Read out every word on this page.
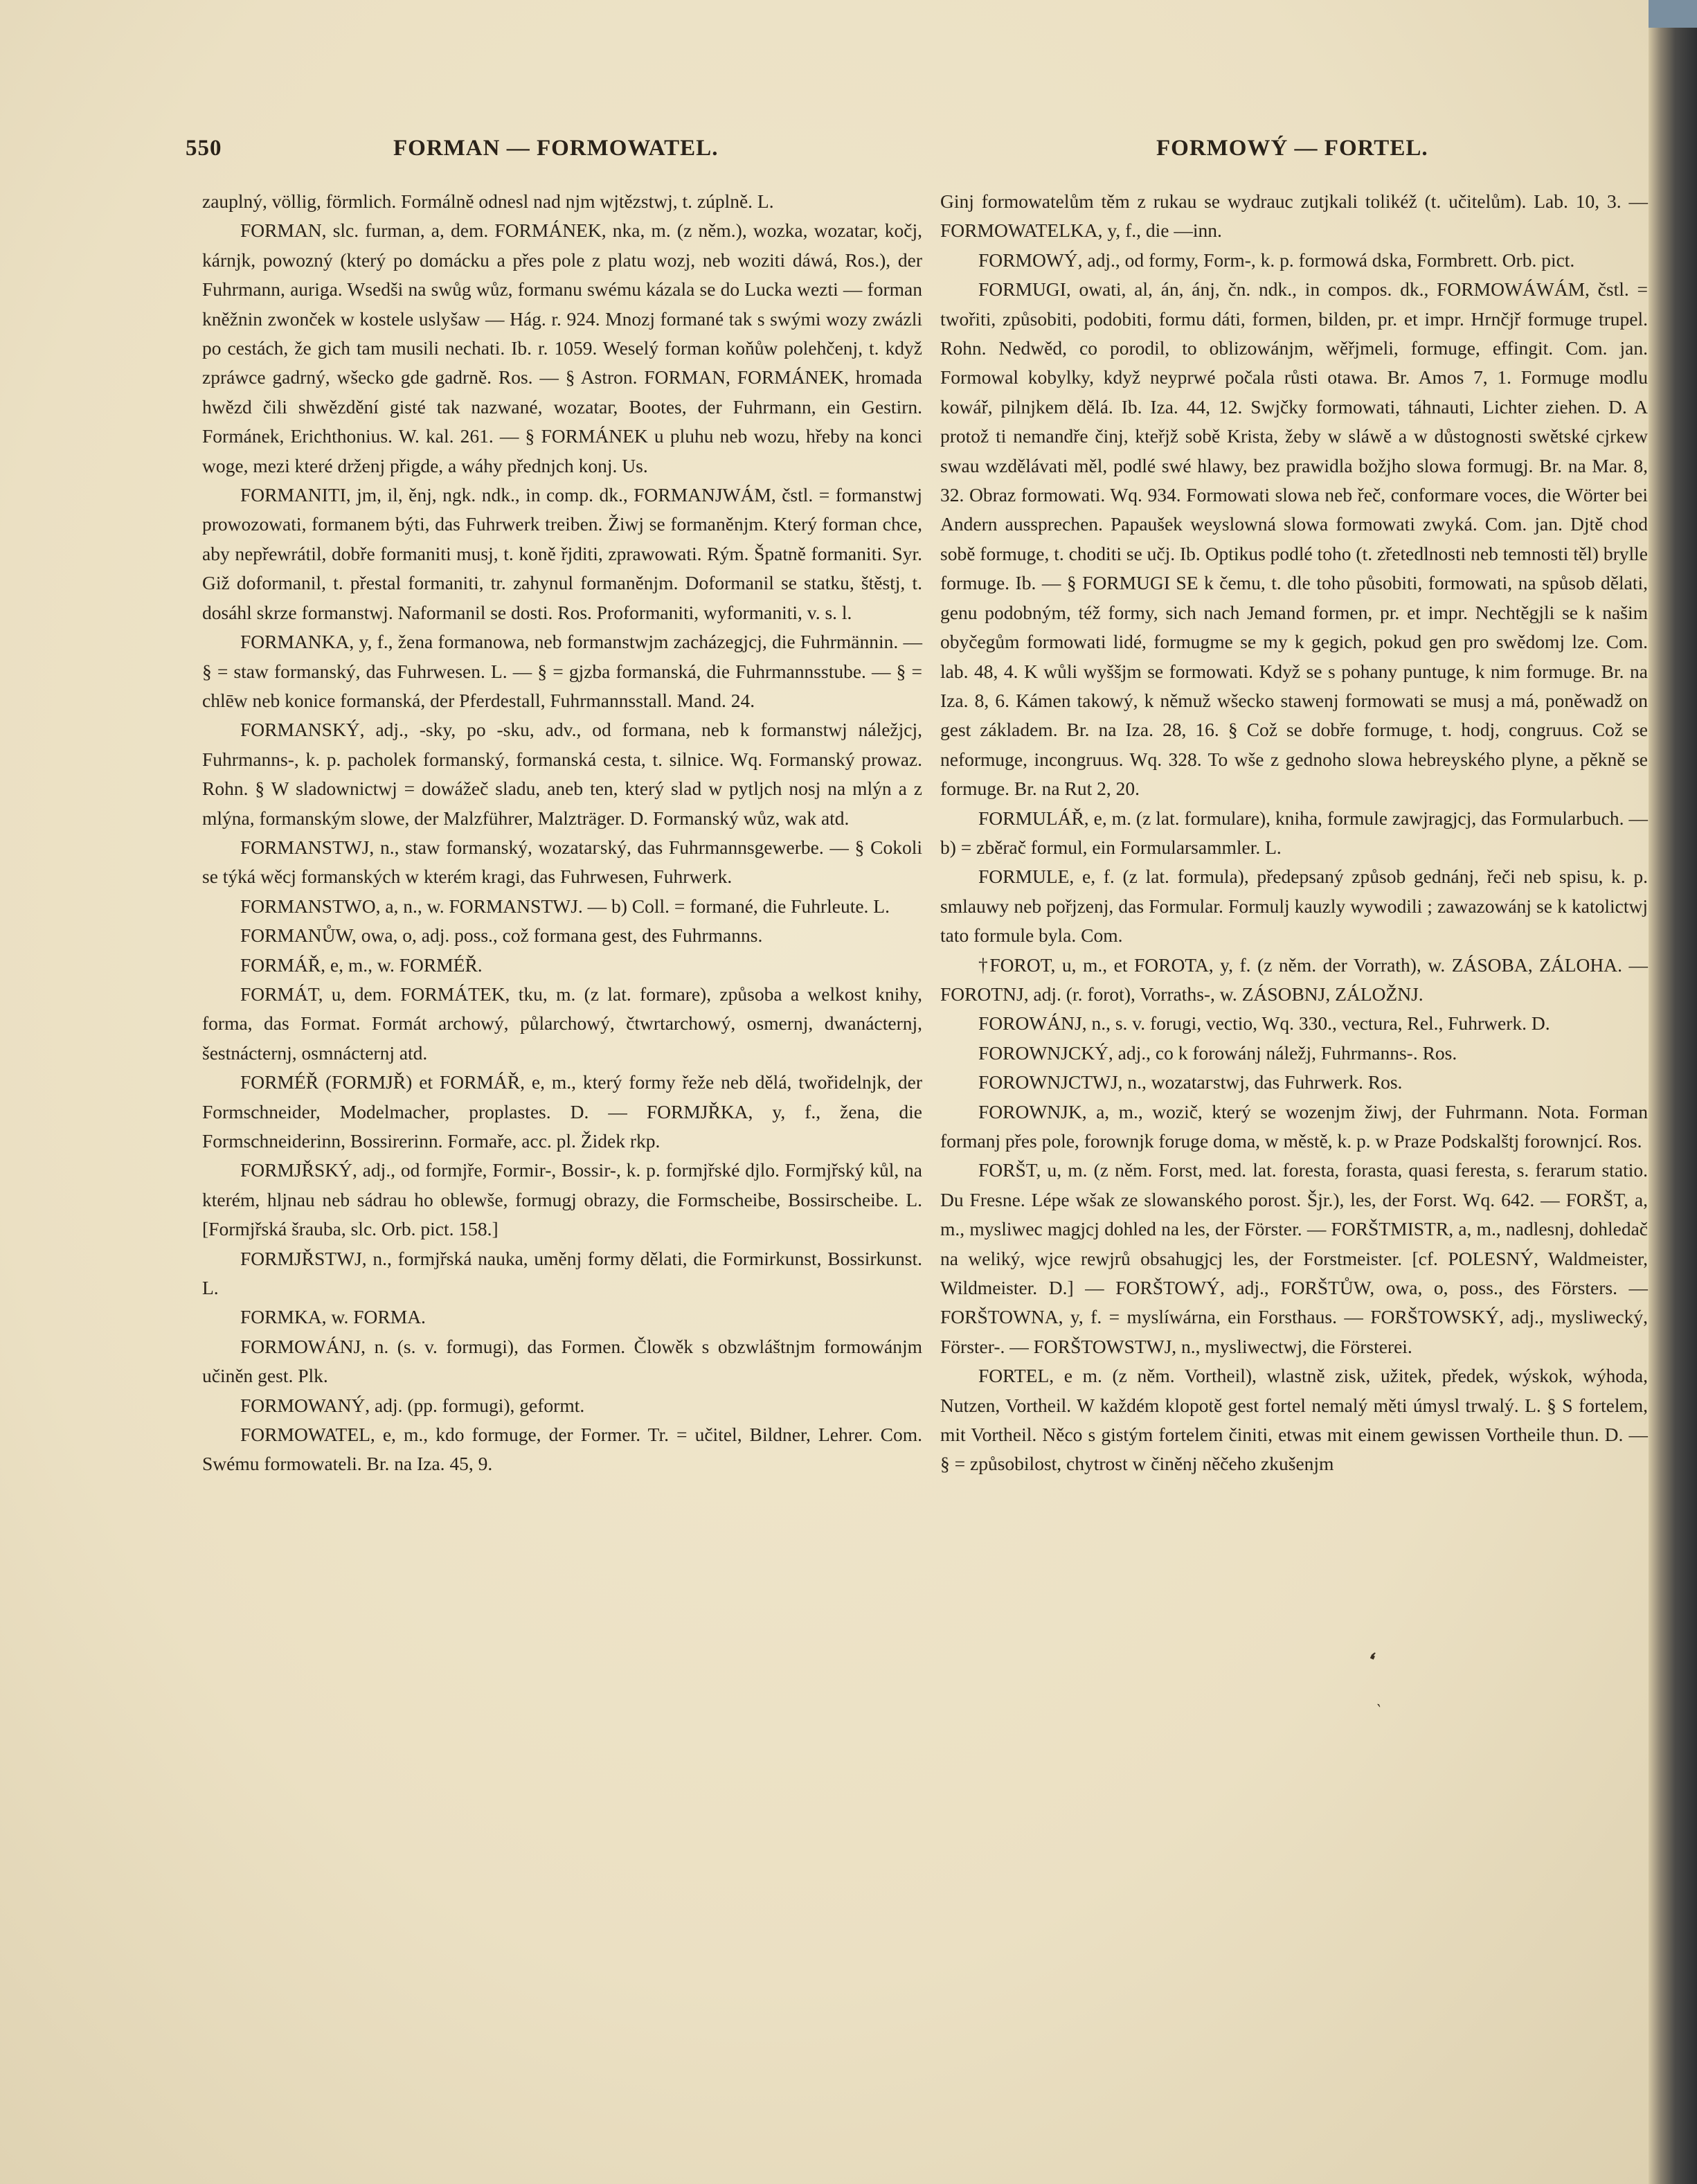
550	FORMAN — FORMOWATEL.	FORMOWÝ — FORTEL.

zauplný, völlig, förmlich. Formálně odnesl nad njm wjtězstwj, t. zúplně. L.

FORMAN, slc. furman, a, dem. FORMÁNEK, nka, m. (z něm.), wozka, wozataг, kočj, kárnjk, powozný (který po domácku a přes pole z platu wozj, neb woziti dáwá, Ros.), der Fuhrmann, auriga. Wsedši na swůg wůz, formanu swému kázala se do Lucka wezti — forman kněžnin zwonček w kostele uslyšaw — Hág. r. 924. Mnozj formané tak s swými wozy zwázli po cestách, že gich tam musili nechati. Ib. r. 1059. Weselý forman koňůw polehčenj, t. když zpráwce gadrný, wšecko gde gadrně. Ros. — § Astron. FORMAN, FORMÁNEK, hromada hwězd čili shwězdění gisté tak nazwané, wozataг, Bootes, der Fuhrmann, ein Gestirn. Formánek, Erichthonius. W. kal. 261. — § FORMÁNEK u pluhu neb wozu, hřeby na konci woge, mezi které drženj přigde, a wáhy přednjch konj. Us.

FORMANITI, jm, il, ěnj, ngk. ndk., in comp. dk., FORMANJWÁM, čstl. = formanstwj prowozowati, formanem býti, das Fuhrwerk treiben. Žiwj se formaněnjm. Který forman chce, aby nepřewrátil, dobře formaniti musj, t. koně řjditi, zprawowati. Rým. Špatně formaniti. Syr. Giž doformanil, t. přestal formaniti, tr. zahynul formaněnjm. Doformanil se statku, štěstj, t. dosáhl skrze formanstwj. Naformanil se dosti. Ros. Proformaniti, wyformaniti, v. s. l.

FORMANKA, y, f., žena formanowa, neb formanstwjm zacházegjcj, die Fuhrmännin. — § = staw formanský, das Fuhrwesen. L. — § = gjzba formanská, die Fuhrmannsstube. — § = chlēw neb konice formanská, der Pferdestall, Fuhrmannsstall. Mand. 24.

FORMANSKÝ, adj., -sky, po -sku, adv., od formana, neb k formanstwj náležjcj, Fuhrmanns-, k. p. pacholek formanský, formanská cesta, t. silnice. Wq. Formanský prowaz. Rohn. § W sladownictwj = dowážeč sladu, aneb ten, který slad w pytljch nosj na mlýn a z mlýna, formanským slowe, der Malzführer, Malzträger. D. Formanský wůz, wak atd.

FORMANSTWJ, n., staw formanský, wozataгský, das Fuhrmannsgewerbe. — § Cokoli se týká wěcj formanských w kterém kragi, das Fuhrwesen, Fuhrwerk.

FORMANSTWO, a, n., w. FORMANSTWJ. — b) Coll. = formané, die Fuhrleute. L.

FORMANŮW, owa, o, adj. poss., což formana gest, des Fuhrmanns.

FORMÁŘ, e, m., w. FORMÉŘ.

FORMÁT, u, dem. FORMÁTEK, tku, m. (z lat. formare), způsoba a welkost knihy, forma, das Format. Formát archowý, půlarchowý, čtwrtarchowý, osmernj, dwanácternj, šestnácternj, osmnácternj atd.

FORMÉŘ (FORMJŘ) et FORMÁŘ, e, m., který formy řeže neb dělá, twořidelnjk, der Formschneider, Modelmacher, proplastes. D. — FORMJŘKA, y, f., žena, die Formschneiderinn, Bossirerinn. Formaře, acc. pl. Židek rkp.

FORMJŘSKÝ, adj., od formjře, Formir-, Bossir-, k. p. formjřské djlo. Formjřský kůl, na kterém, hljnau neb sádrau ho oblewše, formugj obrazy, die Formscheibe, Bossirscheibe. L. [Formjřská šrauba, slc. Orb. pict. 158.]

FORMJŘSTWJ, n., formjřská nauka, uměnj formy dělati, die Formirkunst, Bossirkunst. L.

FORMKA, w. FORMA.

FORMOWÁNJ, n. (s. v. formugi), das Formen. Člowěk s obzwláštnjm formowánjm učiněn gest. Plk.

FORMOWANÝ, adj. (pp. formugi), geformt.

FORMOWATEL, e, m., kdo formuge, der Former. Tr. = učitel, Bildner, Lehrer. Com. Swému formowateli. Br. na Iza. 45, 9.

Ginj formowatelům těm z rukau se wydrauc zutjkali tolikéž (t. učitelům). Lab. 10, 3. — FORMOWATELKA, y, f., die —inn.

FORMOWÝ, adj., od formy, Form-, k. p. formowá dska, Formbrett. Orb. pict.

FORMUGI, owati, al, án, ánj, čn. ndk., in compos. dk., FORMOWÁWÁM, čstl. = twořiti, způsobiti, podobiti, formu dáti, formen, bilden, pr. et impr. Hrnčjř formuge trupel. Rohn. Nedwěd, co porodil, to oblizowánjm, wěřjmeli, formuge, effingit. Com. jan. Formowal kobylky, když neyprwé počala růsti otawa. Br. Amos 7, 1. Formuge modlu kowář, pilnjkem dělá. Ib. Iza. 44, 12. Swjčky formowati, táhnauti, Lichter ziehen. D. A protož ti nemandře činj, kteřjž sobě Krista, žeby w sláwě a w důstognosti swětské cjrkew swau wzdělávati měl, podlé swé hlawy, bez prawidla božjho slowa formugj. Br. na Mar. 8, 32. Obraz formowati. Wq. 934. Formowati slowa neb řeč, conformare voces, die Wörter bei Andern aussprechen. Papaušek weyslowná slowa formowati zwyká. Com. jan. Djtě chod sobě formuge, t. choditi se učj. Ib. Optikus podlé toho (t. zřetedlnosti neb temnosti těl) brylle formuge. Ib. — § FORMUGI SE k čemu, t. dle toho působiti, formowati, na spůsob dělati, genu podobným, též formy, sich nach Jemand formen, pr. et impr. Nechtěgjli se k našim obyčegům formowati lidé, formugme se my k gegich, pokud gen pro swědomj lze. Com. lab. 48, 4. K wůli wyššjm se formowati. Když se s pohany puntuge, k nim formuge. Br. na Iza. 8, 6. Kámen takowý, k němuž wšecko stawenj formowati se musj a má, poněwadž on gest základem. Br. na Iza. 28, 16. § Což se dobře formuge, t. hodj, congruus. Což se neformuge, incongruus. Wq. 328. To wše z gednoho slowa hebreyského plyne, a pěkně se formuge. Br. na Rut 2, 20.

FORMULÁŘ, e, m. (z lat. formulare), kniha, formule zawjragjcj, das Formularbuch. — b) = zběrač formul, ein Formularsammler. L.

FORMULE, e, f. (z lat. formula), předepsaný způsob gednánj, řeči neb spisu, k. p. smlauwy neb pořjzenj, das Formular. Formulj kauzly wywodili ; zawazowánj se k katolictwj tato formule byla. Com.

†FOROT, u, m., et FOROTA, y, f. (z něm. der Vorrath), w. ZÁSOBA, ZÁLOHA. — FOROTNJ, adj. (r. forot), Vorraths-, w. ZÁSOBNJ, ZÁLOŽNJ.

FOROWÁNJ, n., s. v. forugi, vectio, Wq. 330., vectura, Rel., Fuhrwerk. D.

FOROWNJCKÝ, adj., co k forowánj náležj, Fuhrmanns-. Ros.

FOROWNJCTWJ, n., wozataгstwj, das Fuhrwerk. Ros.

FOROWNJK, a, m., wozič, který se wozenjm žiwj, der Fuhrmann. Nota. Forman formanj přes pole, forownjk foruge doma, w městě, k. p. w Praze Podskalštj forownjcí. Ros.

FORŠT, u, m. (z něm. Forst, med. lat. foresta, forasta, quasi feresta, s. ferarum statio. Du Fresne. Lépe wšak ze slowanského porost. Šjr.), les, der Forst. Wq. 642. — FORŠT, a, m., mysliwec magjcj dohled na les, der Förster. — FORŠTMISTR, a, m., nadlesnj, dohledač na weliký, wjce rewjrů obsahugjcj les, der Forstmeister. [cf. POLESNÝ, Waldmeister, Wildmeister. D.] — FORŠTOWÝ, adj., FORŠTŮW, owa, o, poss., des Försters. — FORŠTOWNA, y, f. = myslíwárna, ein Forsthaus. — FORŠTOWSKÝ, adj., mysliwecký, Förster-. — FORŠTOWSTWJ, n., mysliwectwj, die Försterei.

FORTEL, e m. (z něm. Vortheil), wlastně zisk, užitek, předek, wýskok, wýhoda, Nutzen, Vortheil. W každém klopotě gest fortel nemalý měti úmysl trwalý. L. § S fortelem, mit Vortheil. Něco s gistým fortelem činiti, etwas mit einem gewissen Vortheile thun. D. — § = způsobilost, chytrost w činěnj něčeho zkušenjm

❛
ˏ
